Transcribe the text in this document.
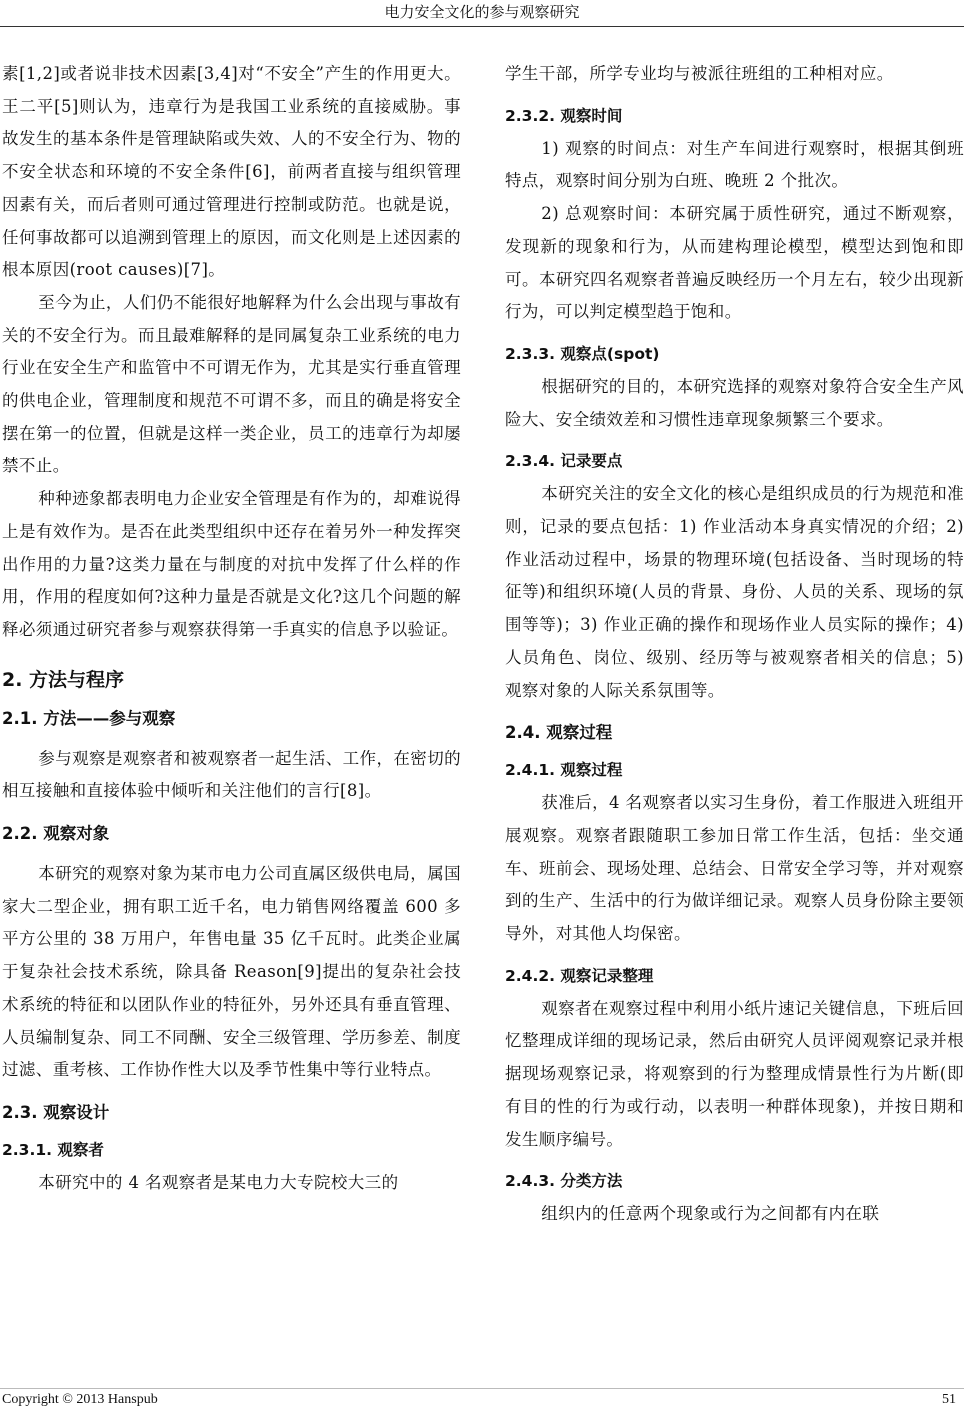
电力安全文化的参与观察研究

素[1,2]或者说非技术因素[3,4]对“不安全”产生的作用更大。王二平[5]则认为，违章行为是我国工业系统的直接威胁。事故发生的基本条件是管理缺陷或失效、人的不安全行为、物的不安全状态和环境的不安全条件[6]，前两者直接与组织管理因素有关，而后者则可通过管理进行控制或防范。也就是说，任何事故都可以追溯到管理上的原因，而文化则是上述因素的根本原因(root causes)[7]。

至今为止，人们仍不能很好地解释为什么会出现与事故有关的不安全行为。而且最难解释的是同属复杂工业系统的电力行业在安全生产和监管中不可谓无作为，尤其是实行垂直管理的供电企业，管理制度和规范不可谓不多，而且的确是将安全摆在第一的位置，但就是这样一类企业，员工的违章行为却屡禁不止。

种种迹象都表明电力企业安全管理是有作为的，却难说得上是有效作为。是否在此类型组织中还存在着另外一种发挥突出作用的力量?这类力量在与制度的对抗中发挥了什么样的作用，作用的程度如何?这种力量是否就是文化?这几个问题的解释必须通过研究者参与观察获得第一手真实的信息予以验证。

2. 方法与程序
2.1. 方法——参与观察

参与观察是观察者和被观察者一起生活、工作，在密切的相互接触和直接体验中倾听和关注他们的言行[8]。

2.2. 观察对象

本研究的观察对象为某市电力公司直属区级供电局，属国家大二型企业，拥有职工近千名，电力销售网络覆盖 600 多平方公里的 38 万用户，年售电量 35 亿千瓦时。此类企业属于复杂社会技术系统，除具备 Reason[9]提出的复杂社会技术系统的特征和以团队作业的特征外，另外还具有垂直管理、人员编制复杂、同工不同酬、安全三级管理、学历参差、制度过滤、重考核、工作协作性大以及季节性集中等行业特点。

2.3. 观察设计
2.3.1. 观察者

本研究中的 4 名观察者是某电力大专院校大三的

学生干部，所学专业均与被派往班组的工种相对应。

2.3.2. 观察时间

1) 观察的时间点：对生产车间进行观察时，根据其倒班特点，观察时间分别为白班、晚班 2 个批次。

2) 总观察时间：本研究属于质性研究，通过不断观察，发现新的现象和行为，从而建构理论模型，模型达到饱和即可。本研究四名观察者普遍反映经历一个月左右，较少出现新行为，可以判定模型趋于饱和。

2.3.3. 观察点(spot)

根据研究的目的，本研究选择的观察对象符合安全生产风险大、安全绩效差和习惯性违章现象频繁三个要求。

2.3.4. 记录要点

本研究关注的安全文化的核心是组织成员的行为规范和准则，记录的要点包括：1) 作业活动本身真实情况的介绍；2) 作业活动过程中，场景的物理环境(包括设备、当时现场的特征等)和组织环境(人员的背景、身份、人员的关系、现场的氛围等等)；3) 作业正确的操作和现场作业人员实际的操作；4) 人员角色、岗位、级别、经历等与被观察者相关的信息；5) 观察对象的人际关系氛围等。

2.4. 观察过程
2.4.1. 观察过程

获准后，4 名观察者以实习生身份，着工作服进入班组开展观察。观察者跟随职工参加日常工作生活，包括：坐交通车、班前会、现场处理、总结会、日常安全学习等，并对观察到的生产、生活中的行为做详细记录。观察人员身份除主要领导外，对其他人均保密。

2.4.2. 观察记录整理

观察者在观察过程中利用小纸片速记关键信息，下班后回忆整理成详细的现场记录，然后由研究人员评阅观察记录并根据现场观察记录，将观察到的行为整理成情景性行为片断(即有目的性的行为或行动，以表明一种群体现象)，并按日期和发生顺序编号。

2.4.3. 分类方法

组织内的任意两个现象或行为之间都有内在联

Copyright © 2013 Hanspub	51
